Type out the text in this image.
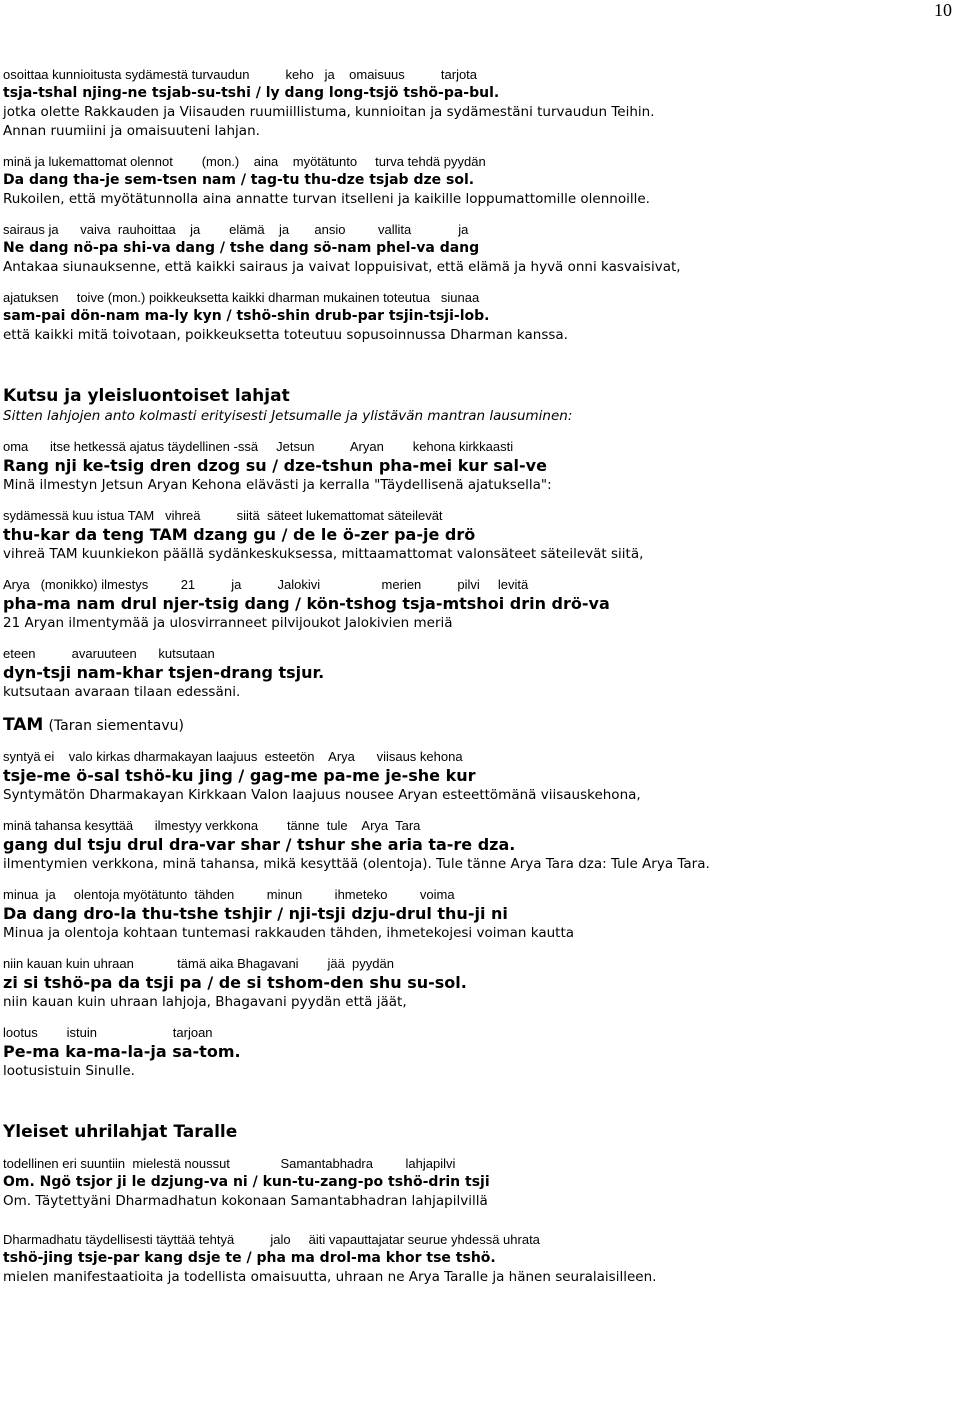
10
osoittaa kunnioitusta sydämestä turvaudun          keho   ja    omaisuus          tarjota
tsja-tshal njing-ne tsjab-su-tshi / ly dang long-tsjö tshö-pa-bul.
jotka olette Rakkauden ja Viisauden ruumiillistuma, kunnioitan ja sydämestäni turvaudun Teihin.
Annan ruumiini ja omaisuuteni lahjan.
minä ja lukemattomat olennot        (mon.)    aina    myötätunto     turva tehdä pyydän
Da dang tha-je sem-tsen nam / tag-tu thu-dze tsjab dze sol.
Rukoilen, että myötätunnolla aina annatte turvan itselleni ja kaikille loppumattomille olennoille.
sairaus ja      vaiva  rauhoittaa    ja        elämä    ja       ansio         vallita             ja
Ne dang nö-pa shi-va dang / tshe dang sö-nam phel-va dang
Antakaa siunauksenne, että kaikki sairaus ja vaivat loppuisivat, että elämä ja hyvä onni kasvaisivat,
ajatuksen     toive (mon.) poikkeuksetta kaikki dharman mukainen toteutua   siunaa
sam-pai dön-nam ma-ly kyn / tshö-shin drub-par tsjin-tsji-lob.
että kaikki mitä toivotaan, poikkeuksetta toteutuu sopusoinnussa Dharman kanssa.
Kutsu ja yleisluontoiset lahjat
Sitten lahjojen anto kolmasti erityisesti Jetsumalle ja ylistävän mantran lausuminen:
oma      itse hetkessä ajatus täydellinen -ssä     Jetsun          Aryan        kehona kirkkaasti
Rang nji ke-tsig dren dzog su / dze-tshun pha-mei kur sal-ve
Minä ilmestyn Jetsun Aryan Kehona elävästi ja kerralla "Täydellisenä ajatuksella":
sydämessä kuu istua TAM   vihreä          siitä  säteet lukemattomat säteilevät
thu-kar da teng TAM dzang gu / de le ö-zer pa-je drö
vihreä TAM kuunkiekon päällä sydänkeskuksessa, mittaamattomat valonsäteet säteilevät siitä,
Arya   (monikko) ilmestys         21          ja          Jalokivi                 merien          pilvi     levitä
pha-ma nam drul njer-tsig dang / kön-tshog tsja-mtshoi drin drö-va
21 Aryan ilmentymää ja ulosvirranneet pilvijoukot Jalokivien meriä
eteen          avaruuteen      kutsutaan
dyn-tsji nam-khar tsjen-drang tsjur.
kutsutaan avaraan tilaan edessäni.
TAM (Taran siementavu)
syntyä ei    valo kirkas dharmakayan laajuus  esteetön    Arya      viisaus kehona
tsje-me ö-sal tshö-ku jing / gag-me pa-me je-she kur
Syntymätön Dharmakayan Kirkkaan Valon laajuus nousee Aryan esteettömänä viisauskehona,
minä tahansa kesyttää      ilmestyy verkkona        tänne  tule    Arya  Tara
gang dul tsju drul dra-var shar / tshur she aria ta-re dza.
ilmentymien verkkona, minä tahansa, mikä kesyttää (olentoja). Tule tänne Arya Tara dza: Tule Arya Tara.
minua  ja     olentoja myötätunto  tähden         minun         ihmeteko         voima
Da dang dro-la thu-tshe tshjir / nji-tsji dzju-drul thu-ji ni
Minua ja olentoja kohtaan tuntemasi rakkauden tähden, ihmetekojesi voiman kautta
niin kauan kuin uhraan            tämä aika Bhagavani        jää  pyydän
zi si tshö-pa da tsji pa / de si tshom-den shu su-sol.
niin kauan kuin uhraan lahjoja, Bhagavani pyydän että jäät,
lootus        istuin                     tarjoan
Pe-ma ka-ma-la-ja sa-tom.
lootusistuin Sinulle.
Yleiset uhrilahjat Taralle
todellinen eri suuntiin  mielestä noussut              Samantabhadra         lahjapilvi
Om. Ngö tsjor ji le dzjung-va ni / kun-tu-zang-po tshö-drin tsji
Om. Täytettyäni Dharmadhatun kokonaan Samantabhadran lahjapilvillä
Dharmadhatu täydellisesti täyttää tehtyä          jalo     äiti vapauttajatar seurue yhdessä uhrata
tshö-jing tsje-par kang dsje te / pha ma drol-ma khor tse tshö.
mielen manifestaatioita ja todellista omaisuutta, uhraan ne Arya Taralle ja hänen seuralaisilleen.
